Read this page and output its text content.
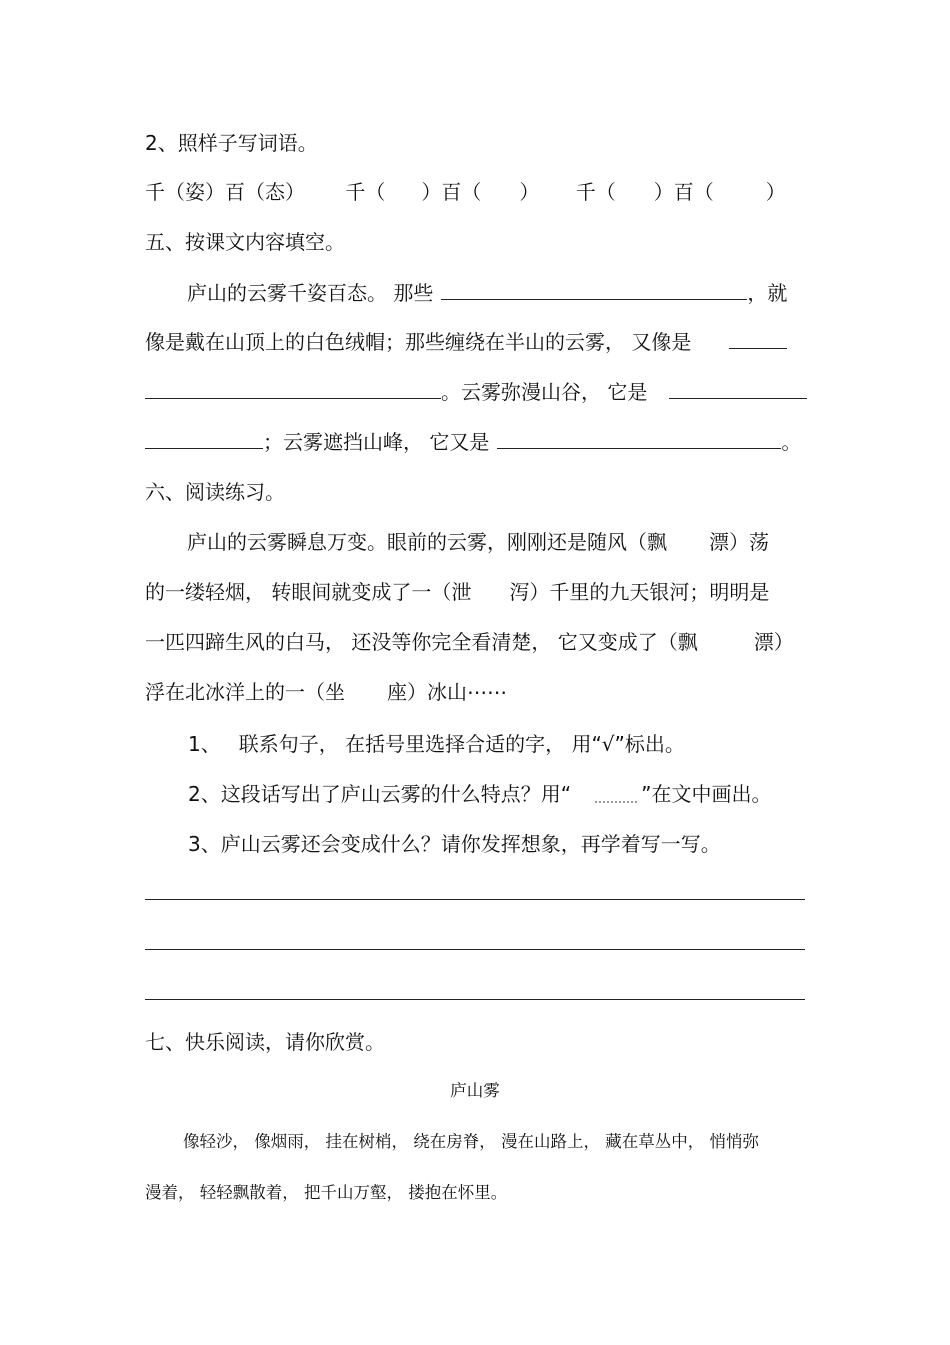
2、照样子写词语。
千（姿）百（态） 千（ ）百（ ） 千（ ）百（	）
五、按课文内容填空。
庐山的云雾千姿百态。 那些	，就
像是戴在山顶上的白色绒帽；那些缠绕在半山的云雾， 又像是
。云雾弥漫山谷， 它是
；云雾遮挡山峰， 它又是	。
六、阅读练习。
庐山的云雾瞬息万变。眼前的云雾，刚刚还是随风（飘 漂）荡
的一缕轻烟， 转眼间就变成了一（泄 泻）千里的九天银河；明明是
一匹四蹄生风的白马， 还没等你完全看清楚， 它又变成了（飘	漂）
浮在北冰洋上的一（坐 座）冰山⋯⋯
1、 联系句子， 在括号里选择合适的字， 用“√”标出。
2、这段话写出了庐山云雾的什么特点？用“	”在文中画出。
3、庐山云雾还会变成什么？请你发挥想象，再学着写一写。
七、快乐阅读，请你欣赏。
庐山雾
像轻沙， 像烟雨， 挂在树梢， 绕在房脊， 漫在山路上， 藏在草丛中， 悄悄弥
漫着， 轻轻飘散着， 把千山万壑， 搂抱在怀里。
